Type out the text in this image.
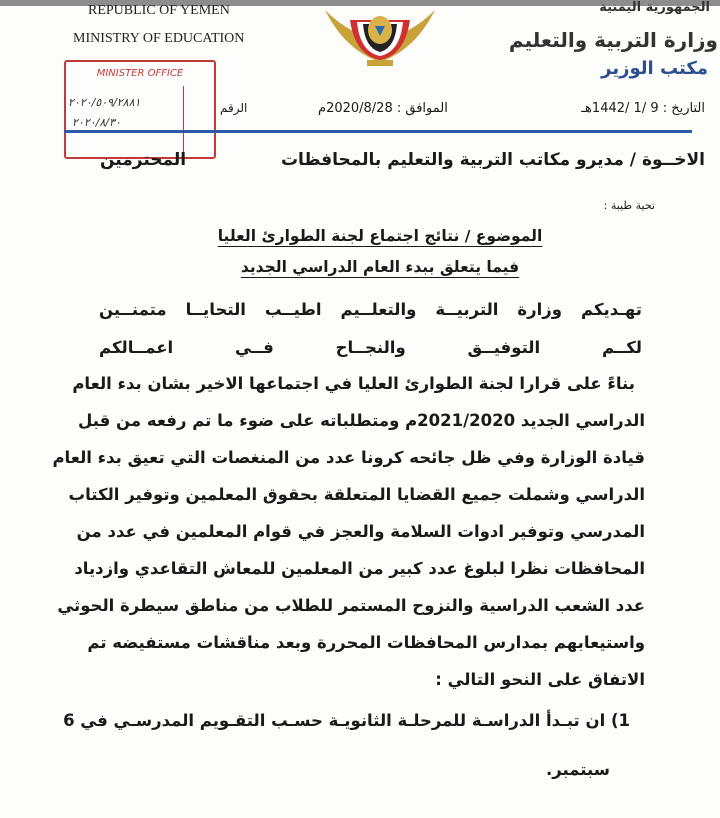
REPUBLIC OF YEMEN
MINISTRY OF EDUCATION
الجمهورية اليمنية
وزارة التربية والتعليم
مكتب الوزير
MINISTER OFFICE
٢٠٢٠/٥٠٩/٢٨٨١
٢٠٢٠/٨/٣٠
التاريخ : 9 /1 /1442هـ
الموافق : 2020/8/28م
الرقم
الاخــوة / مديرو مكاتب التربية والتعليم بالمحافظات
المحترمين
تحية طيبة :
الموضوع / نتائج اجتماع لجنة الطوارئ العليا
فيما يتعلق ببدء العام الدراسي الجديد
تهـديكم وزارة التربيــة والتعلــيم اطيــب التحايــا متمنــين
لكــم التوفيــق والنجــاح فــي اعمــالكم
بناءً على قرارا لجنة الطوارئ العليا في اجتماعها الاخير بشان بدء العام
الدراسي الجديد 2021/2020م ومتطلباته على ضوء ما تم رفعه من قبل
قيادة الوزارة وفي ظل جائحه كرونا عدد من المنغصات التي تعيق بدء العام
الدراسي وشملت جميع القضايا المتعلقة بحقوق المعلمين وتوفير الكتاب
المدرسي وتوفير ادوات السلامة والعجز في قوام المعلمين في عدد من
المحافظات نظرا لبلوغ عدد كبير من المعلمين للمعاش التقاعدي وازدياد
عدد الشعب الدراسية والنزوح المستمر للطلاب من مناطق سيطرة الحوثي
واستيعابهم بمدارس المحافظات المحررة وبعد مناقشات مستفيضه تم
الاتفاق على النحو التالي :
1) ان تبـدأ الدراسـة للمرحلـة الثانويـة حسـب التقـويم المدرسـي في 6
سبتمبر.
